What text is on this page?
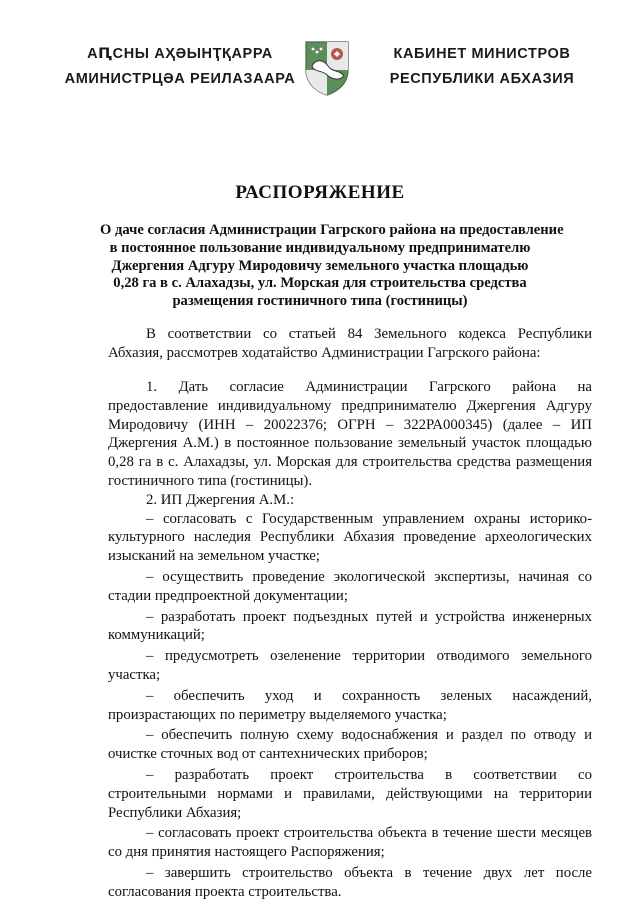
АԤСНЫ АҲӘЫНҬҚАРРА
АМИНИСТРЦӘА РЕИЛАЗААРА
КАБИНЕТ МИНИСТРОВ
РЕСПУБЛИКИ АБХАЗИЯ
РАСПОРЯЖЕНИЕ
О даче согласия Администрации Гагрского района на предоставление
в постоянное пользование индивидуальному предпринимателю
Джергения Адгуру Миродовичу земельного участка площадью
0,28 га в с. Алахадзы, ул. Морская для строительства средства
размещения гостиничного типа (гостиницы)
В соответствии со статьей 84 Земельного кодекса Республики
Абхазия, рассмотрев ходатайство Администрации Гагрского района:
1. Дать согласие Администрации Гагрского района на
предоставление индивидуальному предпринимателю Джергения Адгуру
Миродовичу (ИНН – 20022376; ОГРН – 322РА000345) (далее – ИП
Джергения А.М.) в постоянное пользование земельный участок площадью
0,28 га в с. Алахадзы, ул. Морская для строительства средства размещения
гостиничного типа (гостиницы).
2. ИП Джергения А.М.:
– согласовать с Государственным управлением охраны историко-
культурного наследия Республики Абхазия проведение археологических
изысканий на земельном участке;
– осуществить проведение экологической экспертизы, начиная со
стадии предпроектной документации;
– разработать проект подъездных путей и устройства инженерных
коммуникаций;
– предусмотреть озеленение территории отводимого земельного
участка;
– обеспечить уход и сохранность зеленых насаждений,
произрастающих по периметру выделяемого участка;
– обеспечить полную схему водоснабжения и раздел по отводу и
очистке сточных вод от сантехнических приборов;
– разработать проект строительства в соответствии со
строительными нормами и правилами, действующими на территории
Республики Абхазия;
– согласовать проект строительства объекта в течение шести месяцев
со дня принятия настоящего Распоряжения;
– завершить строительство объекта в течение двух лет после
согласования проекта строительства.
